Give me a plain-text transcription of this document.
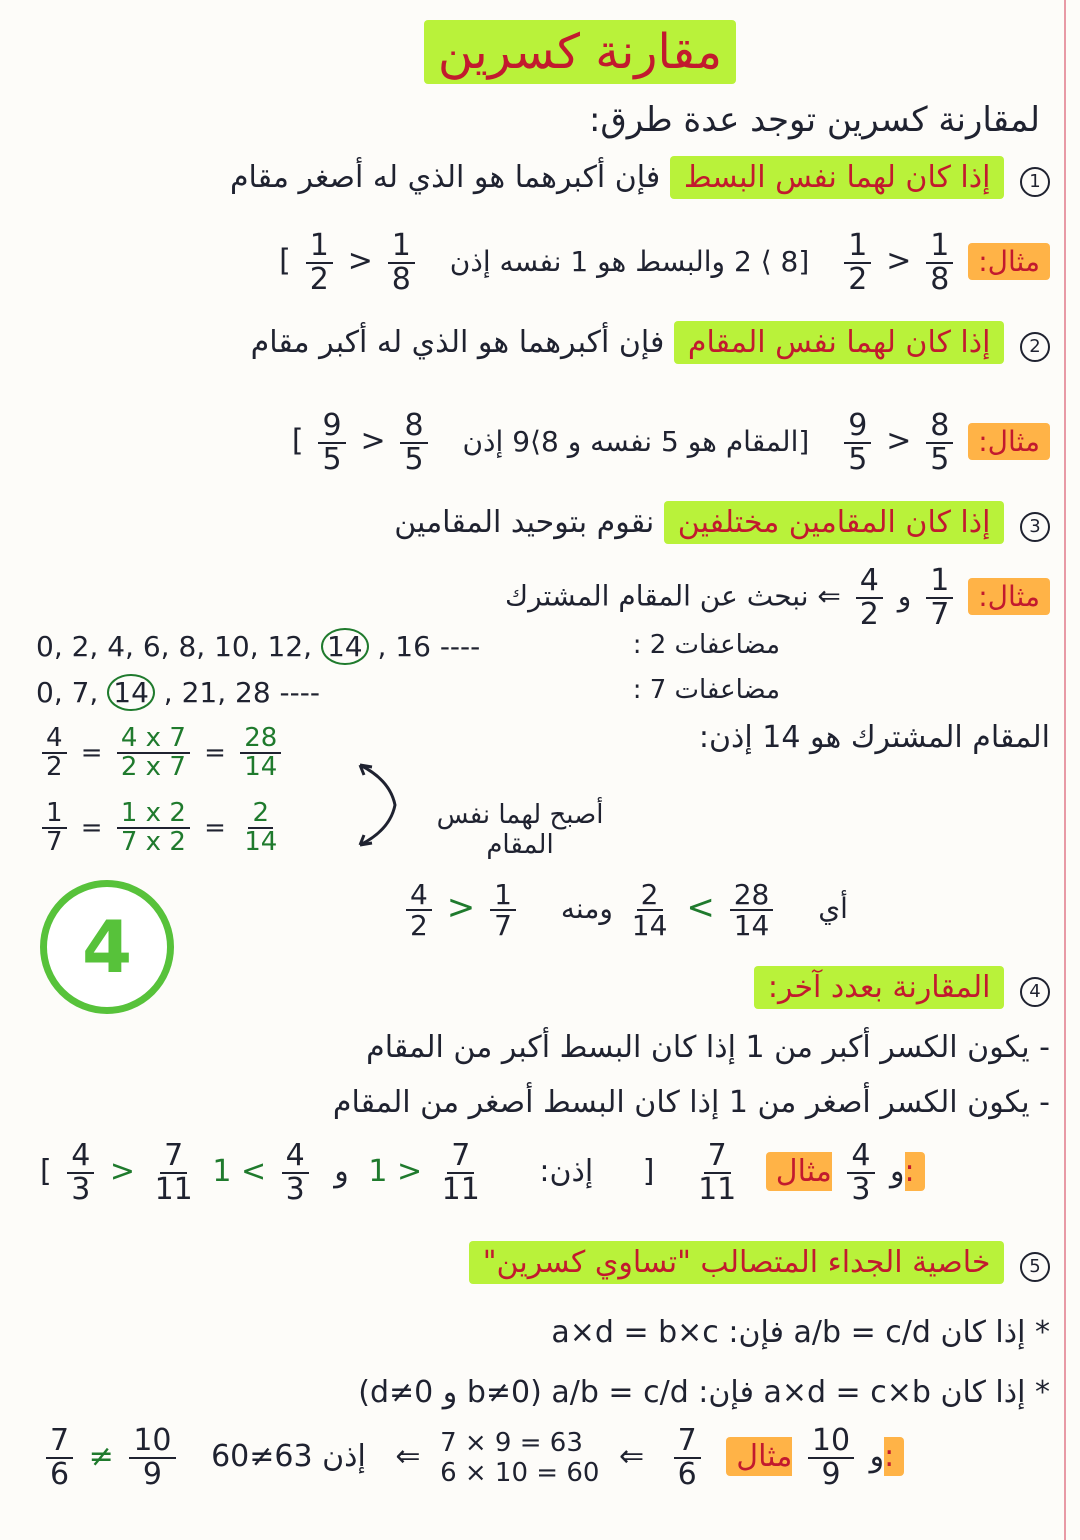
مقارنة كسرين
لمقارنة كسرين توجد عدة طرق:
1 إذا كان لهما نفس البسط فإن أكبرهما هو الذي له أصغر مقام
مثال:
$\frac{1}{8}$
<
$\frac{1}{2}$
[8 ⟩ 2 والبسط هو 1 نفسه إذن
$\frac{1}{8}$
<
$\frac{1}{2}$
]
2 إذا كان لهما نفس المقام فإن أكبرهما هو الذي له أكبر مقام
مثال:
$\frac{8}{5}$
<
$\frac{9}{5}$
[المقام هو 5 نفسه و 8⟩9 إذن
$\frac{8}{5}$
<
$\frac{9}{5}$
]
3 إذا كان المقامين مختلفين نقوم بتوحيد المقامين
مثال:
$\frac{1}{7}$
و
$\frac{4}{2}$
⇐ نبحث عن المقام المشترك
مضاعفات 2 :
0, 2, 4, 6, 8, 10, 12, 14 , 16 ----
مضاعفات 7 :
0, 7, 14 , 21, 28 ----
المقام المشترك هو 14 إذن:
$\frac{4}{2} = \frac{4 x 7}{2 x 7} = \frac{28}{14}$
$\frac{1}{7} = \frac{1 x 2}{7 x 2} = \frac{2}{14}$	أصبح لهما نفس المقام
4	$\frac{4}{2} > \frac{1}{7}$	أي
$\frac{28}{14}$
>
$\frac{2}{14}$
ومنه
4 المقارنة بعدد آخر:
- يكون الكسر أكبر من 1 إذا كان البسط أكبر من المقام
- يكون الكسر أصغر من 1 إذا كان البسط أصغر من المقام
[ $\frac{4}{3} > \frac{7}{11}$	إذن:
$\frac{7}{11}$
< 1 و
$\frac{4}{3}$
> 1	] $\frac{7}{11}$	و
$\frac{4}{3}$
مثال:
5 خاصية الجداء المتصالب "تساوي كسرين"
* إذا كان a/b = c/d فإن: a×d = b×c
* إذا كان a×d = c×b فإن: a/b = c/d (b≠0 و d≠0)
$\frac{7}{6} \ne \frac{10}{9}$ إذن 63≠60 ⇐ 7 × 9 = 63
6 × 10 = 60 ⇐ $\frac{7}{6}$	و
$\frac{10}{9}$
مثال:
